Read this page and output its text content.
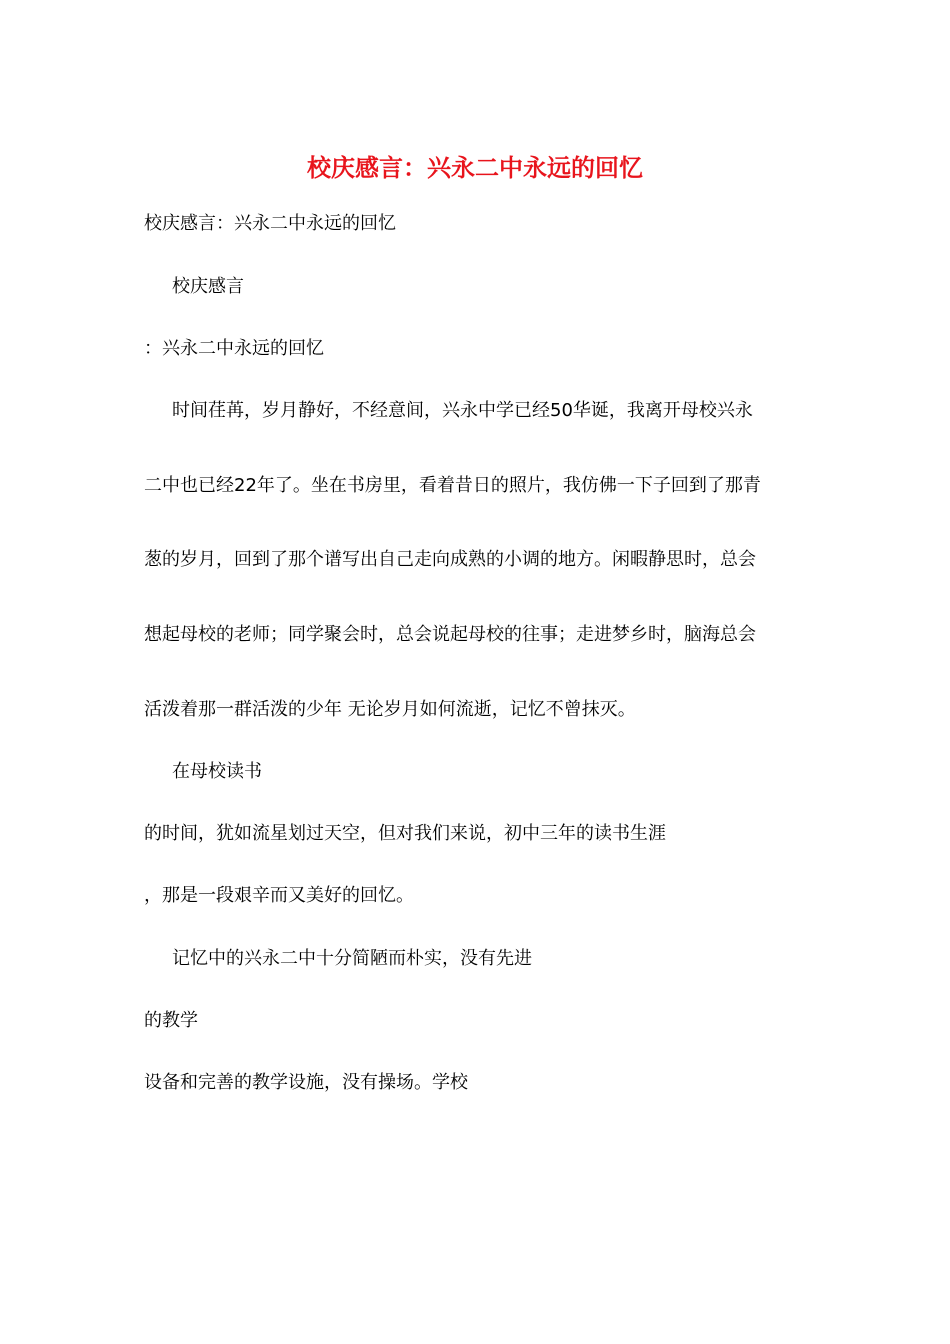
校庆感言：兴永二中永远的回忆
校庆感言：兴永二中永远的回忆
校庆感言
：兴永二中永远的回忆
时间荏苒，岁月静好，不经意间，兴永中学已经50华诞，我离开母校兴永
二中也已经22年了。坐在书房里，看着昔日的照片，我仿佛一下子回到了那青
葱的岁月，回到了那个谱写出自己走向成熟的小调的地方。闲暇静思时，总会
想起母校的老师；同学聚会时，总会说起母校的往事；走进梦乡时，脑海总会
活泼着那一群活泼的少年 无论岁月如何流逝，记忆不曾抹灭。
在母校读书
的时间，犹如流星划过天空，但对我们来说，初中三年的读书生涯
，那是一段艰辛而又美好的回忆。
记忆中的兴永二中十分简陋而朴实，没有先进
的教学
设备和完善的教学设施，没有操场。学校
